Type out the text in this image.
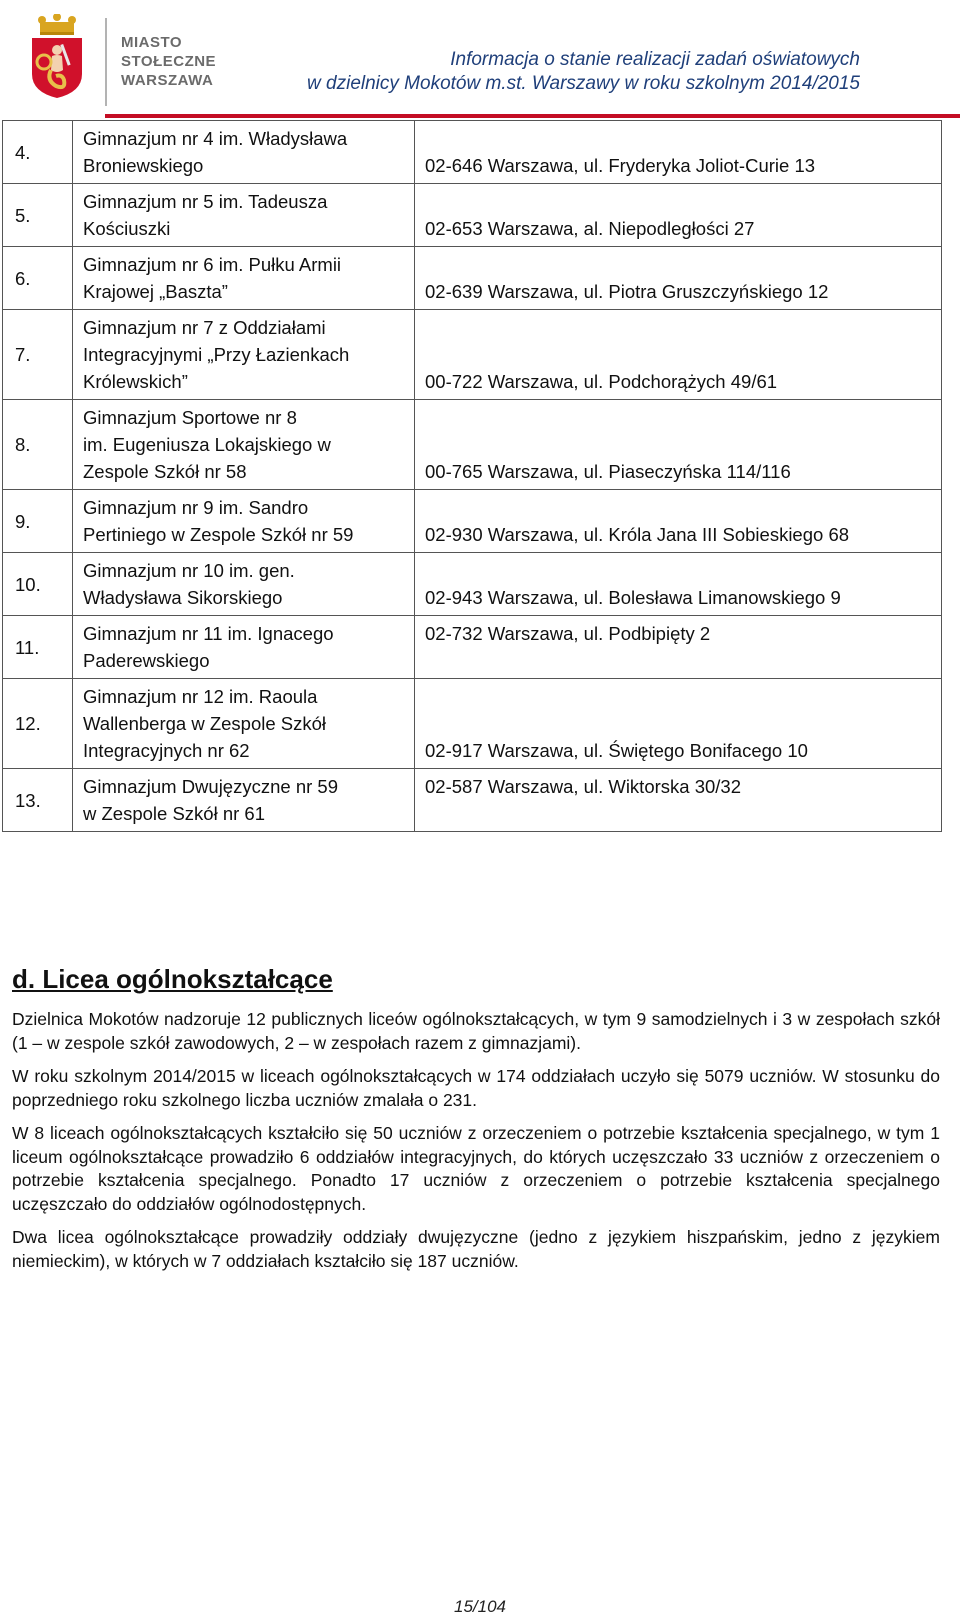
MIASTO
STOŁECZNE
WARSZAWA
Informacja o stanie realizacji zadań oświatowych
w dzielnicy Mokotów m.st. Warszawy w roku szkolnym 2014/2015
4.	Gimnazjum nr 4 im. Władysława
Broniewskiego	02-646 Warszawa, ul. Fryderyka Joliot-Curie 13
5.	Gimnazjum nr 5 im. Tadeusza
Kościuszki	02-653 Warszawa, al. Niepodległości 27
6.	Gimnazjum nr 6 im. Pułku Armii
Krajowej „Baszta”	02-639 Warszawa, ul. Piotra Gruszczyńskiego 12
7.	Gimnazjum nr 7 z Oddziałami
Integracyjnymi „Przy Łazienkach
Królewskich”	00-722 Warszawa, ul. Podchorążych 49/61
8.	Gimnazjum Sportowe nr 8
im. Eugeniusza Lokajskiego w
Zespole Szkół nr 58	00-765 Warszawa, ul. Piaseczyńska 114/116
9.	Gimnazjum nr 9 im. Sandro
Pertiniego w Zespole Szkół nr 59	02-930 Warszawa, ul. Króla Jana III Sobieskiego 68
10.	Gimnazjum nr 10 im. gen.
Władysława Sikorskiego	02-943 Warszawa, ul. Bolesława Limanowskiego 9
11.	Gimnazjum nr 11 im. Ignacego
Paderewskiego	02-732 Warszawa, ul. Podbipięty 2
12.	Gimnazjum nr 12 im. Raoula
Wallenberga w Zespole Szkół
Integracyjnych nr 62	02-917 Warszawa, ul. Świętego Bonifacego 10
13.	Gimnazjum Dwujęzyczne nr 59
w Zespole Szkół nr 61	02-587 Warszawa, ul. Wiktorska 30/32
d. Licea ogólnokształcące

Dzielnica Mokotów nadzoruje 12 publicznych liceów ogólnokształcących, w tym 9 samodzielnych i 3 w zespołach szkół (1 – w zespole szkół zawodowych, 2 – w zespołach razem z gimnazjami).

W roku szkolnym 2014/2015 w liceach ogólnokształcących w 174 oddziałach uczyło się 5079 uczniów. W stosunku do poprzedniego roku szkolnego liczba uczniów zmalała o 231.

W 8 liceach ogólnokształcących kształciło się 50 uczniów z orzeczeniem o potrzebie kształcenia specjalnego, w tym 1 liceum ogólnokształcące prowadziło 6 oddziałów integracyjnych, do których uczęszczało 33 uczniów z orzeczeniem o potrzebie kształcenia specjalnego. Ponadto 17 uczniów z orzeczeniem o potrzebie kształcenia specjalnego uczęszczało do oddziałów ogólnodostępnych.

Dwa licea ogólnokształcące prowadziły oddziały dwujęzyczne (jedno z językiem hiszpańskim, jedno z językiem niemieckim), w których w 7 oddziałach kształciło się 187 uczniów.

15/104
